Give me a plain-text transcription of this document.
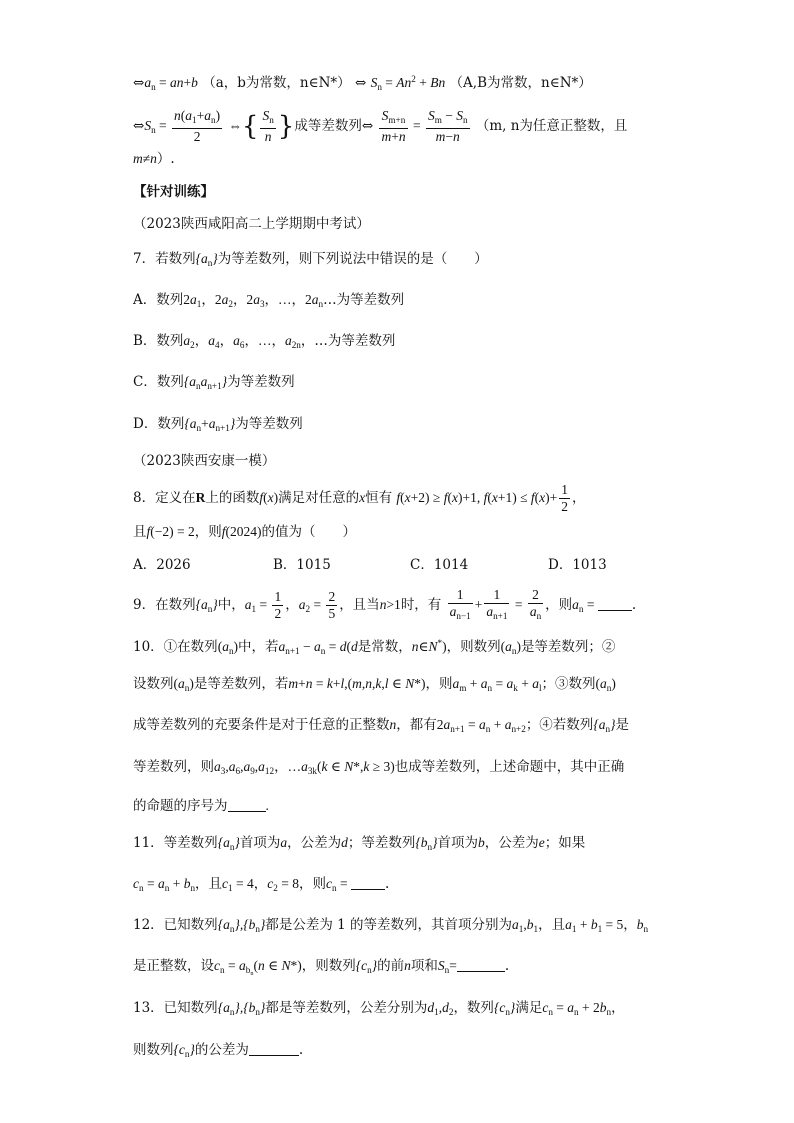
$\Leftrightarrow a_n = an+b$ （a，b为常数，n∈N*） ⇔ $S_n = An^2 + Bn$ （A,B为常数，n∈N*）
$\Leftrightarrow S_n = \frac{n(a_1+a_n)}{2}$ ⇔{ $\frac{S_n}{n}$ }成等差数列⇔ $\frac{S_{m+n}}{m+n} = \frac{S_m - S_n}{m-n} (m$, n为任意正整数，且
m≠n）.
【针对训练】
（2023陕西咸阳高二上学期期中考试）
7．若数列$\{a_n\}$为等差数列，则下列说法中错误的是（　　）
A．数列$2a_1$，$2a_2$，$2a_3$，…，$2a_n\dots$为等差数列
B．数列$a_2$，$a_4$，$a_6$，…，$a_{2n}$，…为等差数列
C．数列$\{a_na_{n+1}\}$为等差数列
D．数列$\{a_n+a_{n+1}\}$为等差数列
（2023陕西安康一模）
8．定义在R上的函数f(x)满足对任意的x恒有 f(x+2) ≥ f(x)+1, $f(x+1) \le f(x)+ \frac{1}{2}$ ，
且f(−2) = 2，则f(2024)的值为（　　）
A．2026	B．1015	C．1014	D．1013
9．在数列$\{a_n\}$中，$a_1 = \frac{1}{2}$ ，$a_2 = \frac{2}{5}$ ，且当n>1时，有 $\frac{1}{a_{n-1}} + \frac{1}{a_{n+1}} = \frac{2}{a_n}$ ，则$a_n$ =	.
10．①在数列$(a_n)$中，若$a_{n+1} - a_n = d(d$是常数，n∈N*)，则数列$(a_n)$是等差数列；②
设数列$(a_n)$是等差数列，若m+n = k+l,(m,n,k,l ∈ N*)，则$a_m + a_n = a_k + a_l$；③数列$(a_n)$
成等差数列的充要条件是对于任意的正整数n，都有$2a_{n+1} = a_n + a_{n+2}$；④若数列$\{a_n\}$是
等差数列，则$a_3,a_6,a_9,a_{12}$，$\dots a_{3k}(k$ ∈ N*,k ≥ 3)也成等差数列，上述命题中，其中正确
的命题的序号为	.
11．等差数列$\{a_n\}$首项为a，公差为d；等差数列$\{b_n\}$首项为b，公差为e；如果
$c_n = a_n + b_n$，且$c_1 = 4$，$c_2 = 8$，则$c_n$ =	.
12．已知数列$\{a_n\},\{b_n\}$都是公差为 1 的等差数列，其首项分别为$a_1,b_1$，且$a_1 + b_1 = 5$，$b_n$
是正整数，设$c_n = a_{b_n}(n$ ∈ N*)，则数列$\{c_n\}$的前n项和$S_n=$	.
13．已知数列$\{a_n\},\{b_n\}$都是等差数列，公差分别为$d_1,d_2$，数列$\{c_n\}$满足$c_n = a_n + 2b_n$，
则数列$\{c_n\}$的公差为	.
